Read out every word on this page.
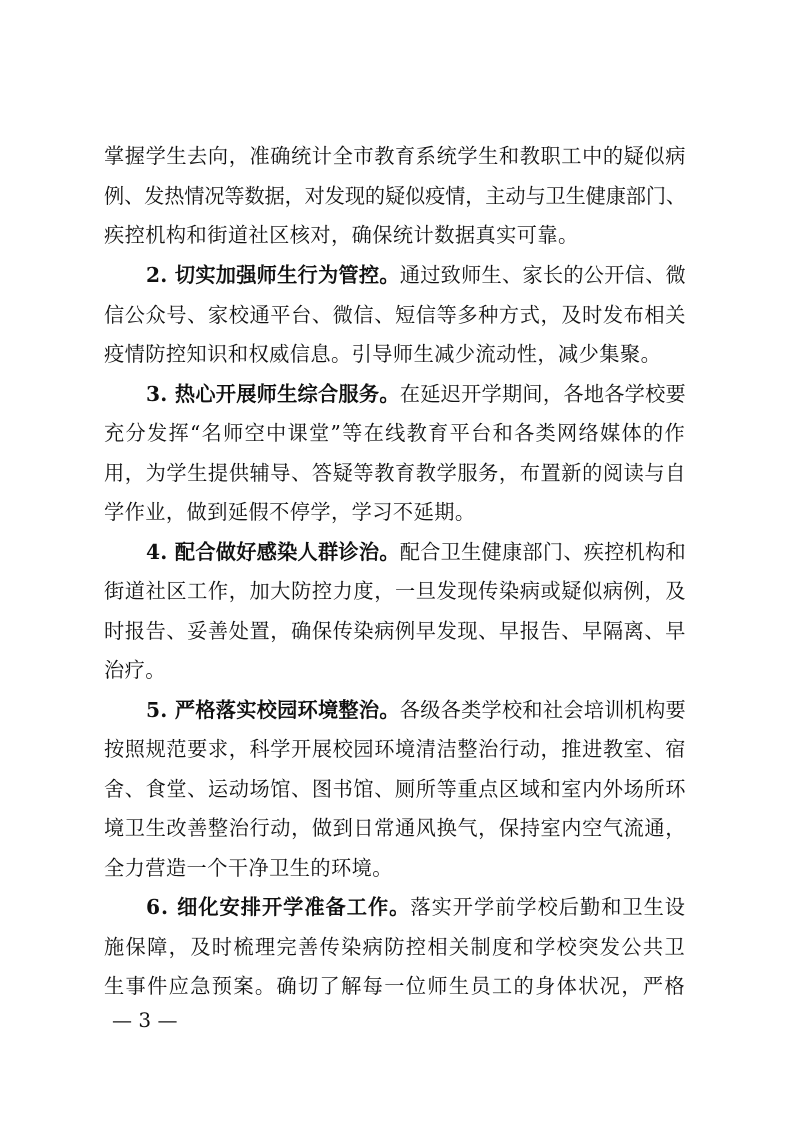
掌握学生去向，准确统计全市教育系统学生和教职工中的疑似病
例、发热情况等数据，对发现的疑似疫情，主动与卫生健康部门、
疾控机构和街道社区核对，确保统计数据真实可靠。
2. 切实加强师生行为管控。通过致师生、家长的公开信、微
信公众号、家校通平台、微信、短信等多种方式，及时发布相关
疫情防控知识和权威信息。引导师生减少流动性，减少集聚。
3. 热心开展师生综合服务。在延迟开学期间，各地各学校要
充分发挥“名师空中课堂”等在线教育平台和各类网络媒体的作
用，为学生提供辅导、答疑等教育教学服务，布置新的阅读与自
学作业，做到延假不停学，学习不延期。
4. 配合做好感染人群诊治。配合卫生健康部门、疾控机构和
街道社区工作，加大防控力度，一旦发现传染病或疑似病例，及
时报告、妥善处置，确保传染病例早发现、早报告、早隔离、早
治疗。
5. 严格落实校园环境整治。各级各类学校和社会培训机构要
按照规范要求，科学开展校园环境清洁整治行动，推进教室、宿
舍、食堂、运动场馆、图书馆、厕所等重点区域和室内外场所环
境卫生改善整治行动，做到日常通风换气，保持室内空气流通，
全力营造一个干净卫生的环境。
6. 细化安排开学准备工作。落实开学前学校后勤和卫生设
施保障，及时梳理完善传染病防控相关制度和学校突发公共卫
生事件应急预案。确切了解每一位师生员工的身体状况，严格
— 3 —
